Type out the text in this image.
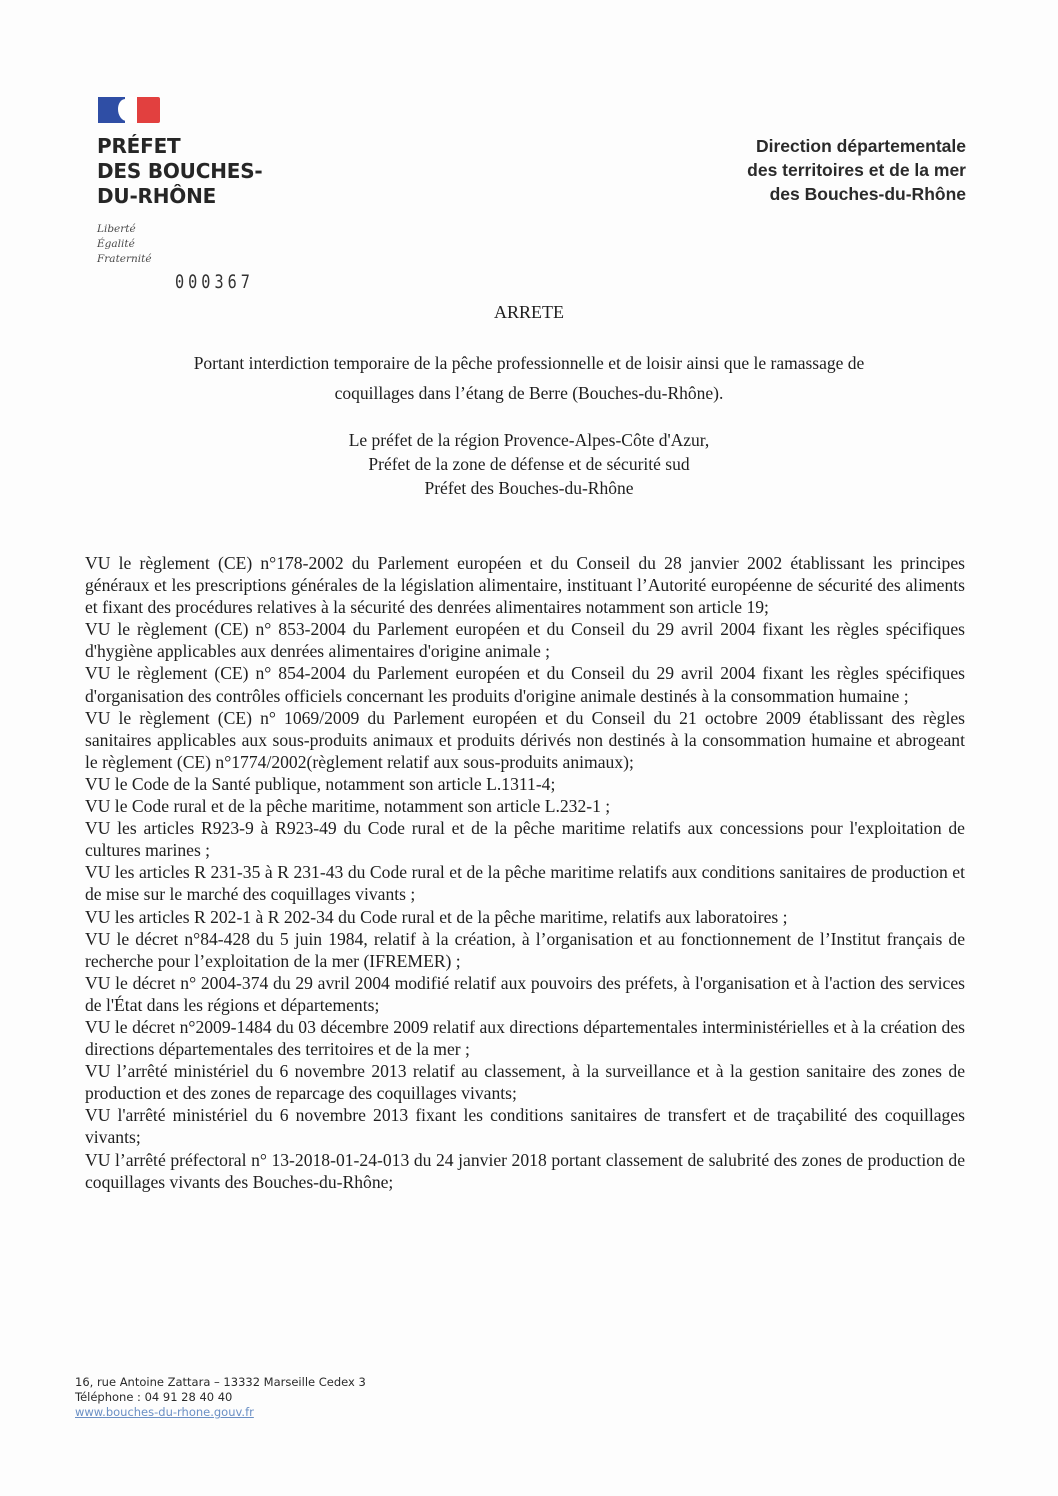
PRÉFET
DES BOUCHES-
DU-RHÔNE
Liberté
Égalité
Fraternité
000367
Direction départementale
des territoires et de la mer
des Bouches-du-Rhône
ARRETE
Portant interdiction temporaire de la pêche professionnelle et de loisir ainsi que le ramassage de
coquillages dans l’étang de Berre (Bouches-du-Rhône).
Le préfet de la région Provence-Alpes-Côte d'Azur,
Préfet de la zone de défense et de sécurité sud
Préfet des Bouches-du-Rhône

VU le règlement (CE) n°178-2002 du Parlement européen et du Conseil du 28 janvier 2002 établissant les principes généraux et les prescriptions générales de la législation alimentaire, instituant l’Autorité européenne de sécurité des aliments et fixant des procédures relatives à la sécurité des denrées alimentaires notamment son article 19;

VU le règlement (CE) n° 853-2004 du Parlement européen et du Conseil du 29 avril 2004 fixant les règles spécifiques d'hygiène applicables aux denrées alimentaires d'origine animale ;

VU le règlement (CE) n° 854-2004 du Parlement européen et du Conseil du 29 avril 2004 fixant les règles spécifiques d'organisation des contrôles officiels concernant les produits d'origine animale destinés à la consommation humaine ;

VU le règlement (CE) n° 1069/2009 du Parlement européen et du Conseil du 21 octobre 2009 établissant des règles sanitaires applicables aux sous-produits animaux et produits dérivés non destinés à la consommation humaine et abrogeant le règlement (CE) n°1774/2002(règlement relatif aux sous-produits animaux);

VU le Code de la Santé publique, notamment son article L.1311-4;

VU le Code rural et de la pêche maritime, notamment son article L.232-1 ;

VU les articles R923-9 à R923-49 du Code rural et de la pêche maritime relatifs aux concessions pour l'exploitation de cultures marines ;

VU les articles R 231-35 à R 231-43 du Code rural et de la pêche maritime relatifs aux conditions sanitaires de production et de mise sur le marché des coquillages vivants ;

VU les articles R 202-1 à R 202-34 du Code rural et de la pêche maritime, relatifs aux laboratoires ;

VU le décret n°84-428 du 5 juin 1984, relatif à la création, à l’organisation et au fonctionnement de l’Institut français de recherche pour l’exploitation de la mer (IFREMER) ;

VU le décret n° 2004-374 du 29 avril 2004 modifié relatif aux pouvoirs des préfets, à l'organisation et à l'action des services de l'État dans les régions et départements;

VU le décret n°2009-1484 du 03 décembre 2009 relatif aux directions départementales interministérielles et à la création des directions départementales des territoires et de la mer ;

VU l’arrêté ministériel du 6 novembre 2013 relatif au classement, à la surveillance et à la gestion sanitaire des zones de production et des zones de reparcage des coquillages vivants;

VU l'arrêté ministériel du 6 novembre 2013 fixant les conditions sanitaires de transfert et de traçabilité des coquillages vivants;

VU l’arrêté préfectoral n° 13-2018-01-24-013 du 24 janvier 2018 portant classement de salubrité des zones de production de coquillages vivants des Bouches-du-Rhône;

16, rue Antoine Zattara – 13332 Marseille Cedex 3
Téléphone : 04 91 28 40 40
www.bouches-du-rhone.gouv.fr
